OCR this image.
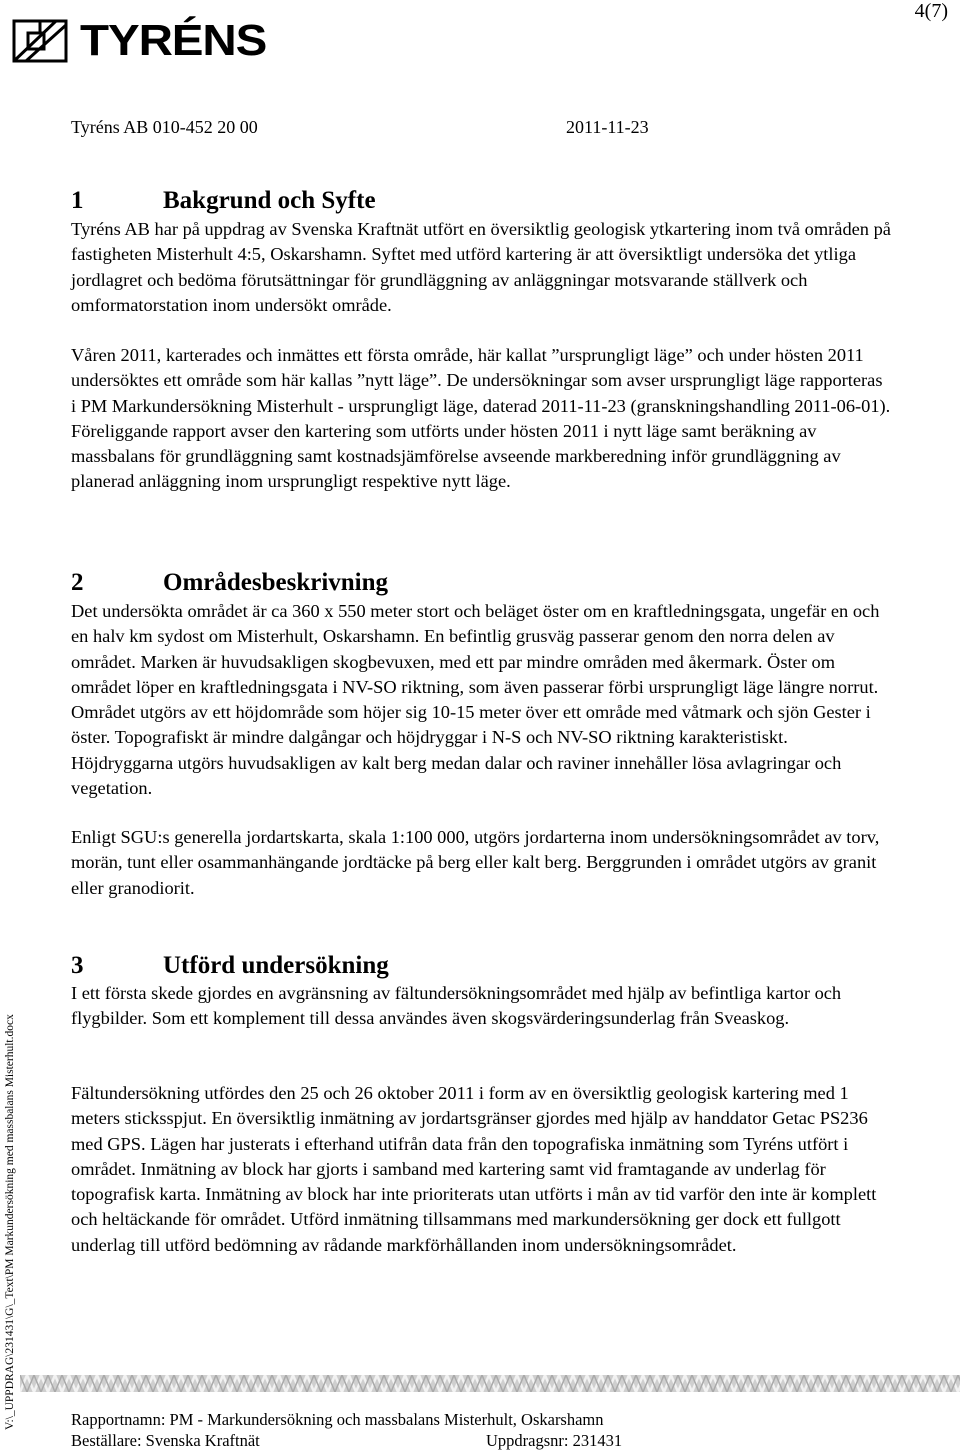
TYRÉNS
4(7)
Tyréns AB 010-452 20 00	2011-11-23
1	Bakgrund och Syfte

Tyréns AB har på uppdrag av Svenska Kraftnät utfört en översiktlig geologisk ytkartering inom två områden på fastigheten Misterhult 4:5, Oskarshamn. Syftet med utförd kartering är att översiktligt undersöka det ytliga jordlagret och bedöma förutsättningar för grundläggning av anläggningar motsvarande ställverk och omformatorstation inom undersökt område.

Våren 2011, karterades och inmättes ett första område, här kallat ”ursprungligt läge” och under hösten 2011 undersöktes ett område som här kallas ”nytt läge”. De undersökningar som avser ursprungligt läge rapporteras i PM Markundersökning Misterhult - ursprungligt läge, daterad 2011-11-23 (granskningshandling 2011-06-01). Föreliggande rapport avser den kartering som utförts under hösten 2011 i nytt läge samt beräkning av massbalans för grundläggning samt kostnadsjämförelse avseende markberedning inför grundläggning av planerad anläggning inom ursprungligt respektive nytt läge.

2	Områdesbeskrivning

Det undersökta området är ca 360 x 550 meter stort och beläget öster om en kraftledningsgata, ungefär en och en halv km sydost om Misterhult, Oskarshamn. En befintlig grusväg passerar genom den norra delen av området. Marken är huvudsakligen skogbevuxen, med ett par mindre områden med åkermark. Öster om området löper en kraftledningsgata i NV-SO riktning, som även passerar förbi ursprungligt läge längre norrut. Området utgörs av ett höjdområde som höjer sig 10-15 meter över ett område med våtmark och sjön Gester i öster. Topografiskt är mindre dalgångar och höjdryggar i N-S och NV-SO riktning karakteristiskt. Höjdryggarna utgörs huvudsakligen av kalt berg medan dalar och raviner innehåller lösa avlagringar och vegetation.

Enligt SGU:s generella jordartskarta, skala 1:100 000, utgörs jordarterna inom undersökningsområdet av torv, morän, tunt eller osammanhängande jordtäcke på berg eller kalt berg. Berggrunden i området utgörs av granit eller granodiorit.

3	Utförd undersökning

I ett första skede gjordes en avgränsning av fältundersökningsområdet med hjälp av befintliga kartor och flygbilder. Som ett komplement till dessa användes även skogsvärderingsunderlag från Sveaskog.

Fältundersökning utfördes den 25 och 26 oktober 2011 i form av en översiktlig geologisk kartering med 1 meters sticksspjut. En översiktlig inmätning av jordartsgränser gjordes med hjälp av handdator Getac PS236 med GPS. Lägen har justerats i efterhand utifrån data från den topografiska inmätning som Tyréns utfört i området. Inmätning av block har gjorts i samband med kartering samt vid framtagande av underlag för topografisk karta. Inmätning av block har inte prioriterats utan utförts i mån av tid varför den inte är komplett och heltäckande för området. Utförd inmätning tillsammans med markundersökning ger dock ett fullgott underlag till utförd bedömning av rådande markförhållanden inom undersökningsområdet.

V:\_UPPDRAG\231431\G\_Text\PM Markundersökning med massbalans Misterhult.docx	Rapportnamn: PM - Markundersökning och massbalans Misterhult, Oskarshamn
Beställare: Svenska Kraftnät	Uppdragsnr: 231431
